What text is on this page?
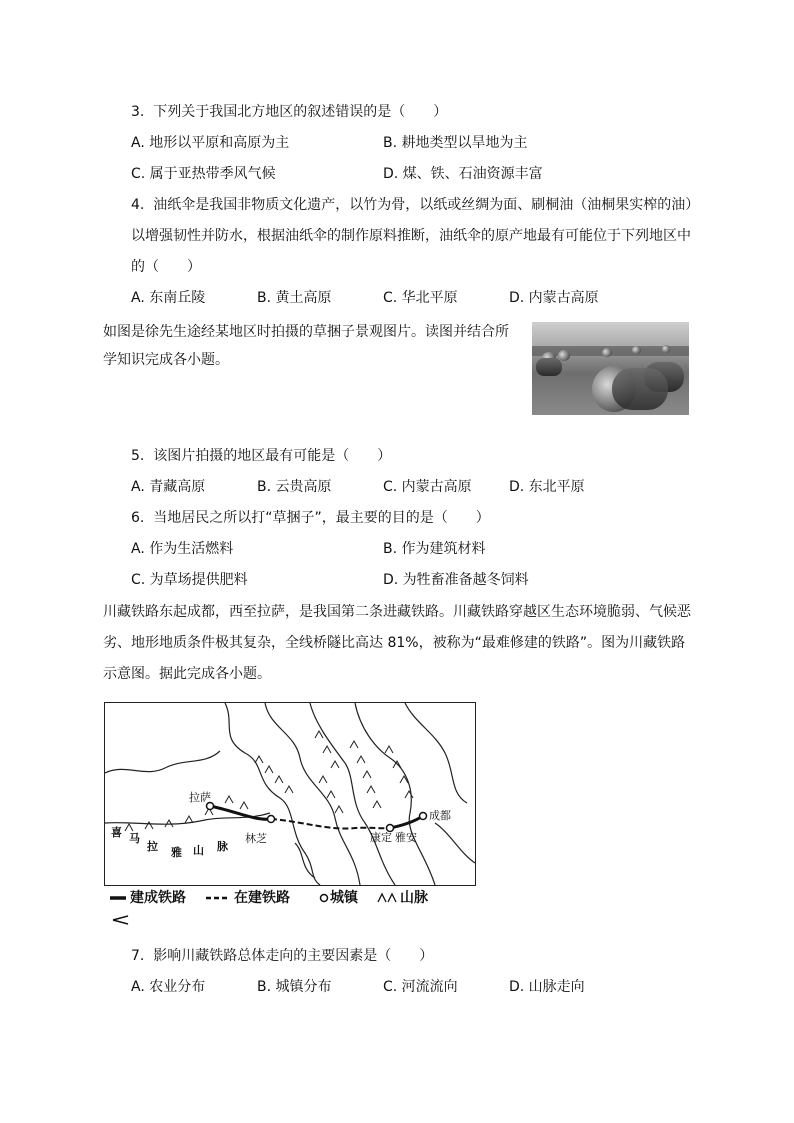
3.  下列关于我国北方地区的叙述错误的是（　　）
A. 地形以平原和高原为主	B. 耕地类型以旱地为主
C. 属于亚热带季风气候	D. 煤、铁、石油资源丰富
4.  油纸伞是我国非物质文化遗产，以竹为骨，以纸或丝绸为面、刷桐油（油桐果实榨的油）
以增强韧性并防水，根据油纸伞的制作原料推断，油纸伞的原产地最有可能位于下列地区中
的（　　）
A. 东南丘陵	B. 黄土高原	C. 华北平原	D. 内蒙古高原
如图是徐先生途经某地区时拍摄的草捆子景观图片。读图并结合所
学知识完成各小题。
5.  该图片拍摄的地区最有可能是（　　）
A. 青藏高原	B. 云贵高原	C. 内蒙古高原	D. 东北平原
6.  当地居民之所以打“草捆子”，最主要的目的是（　　）
A. 作为生活燃料	B. 作为建筑材料
C. 为草场提供肥料	D. 为牲畜准备越冬饲料
川藏铁路东起成都，西至拉萨，是我国第二条进藏铁路。川藏铁路穿越区生态环境脆弱、气候恶
劣、地形地质条件极其复杂，全线桥隧比高达 81%，被称为“最难修建的铁路”。图为川藏铁路
示意图。据此完成各小题。
拉萨
林芝
成都
康定 雅安
喜 马
拉 雅 山 脉
建成铁路	在建铁路	城镇	山脉
7.  影响川藏铁路总体走向的主要因素是（　　）
A. 农业分布	B. 城镇分布	C. 河流流向	D. 山脉走向
